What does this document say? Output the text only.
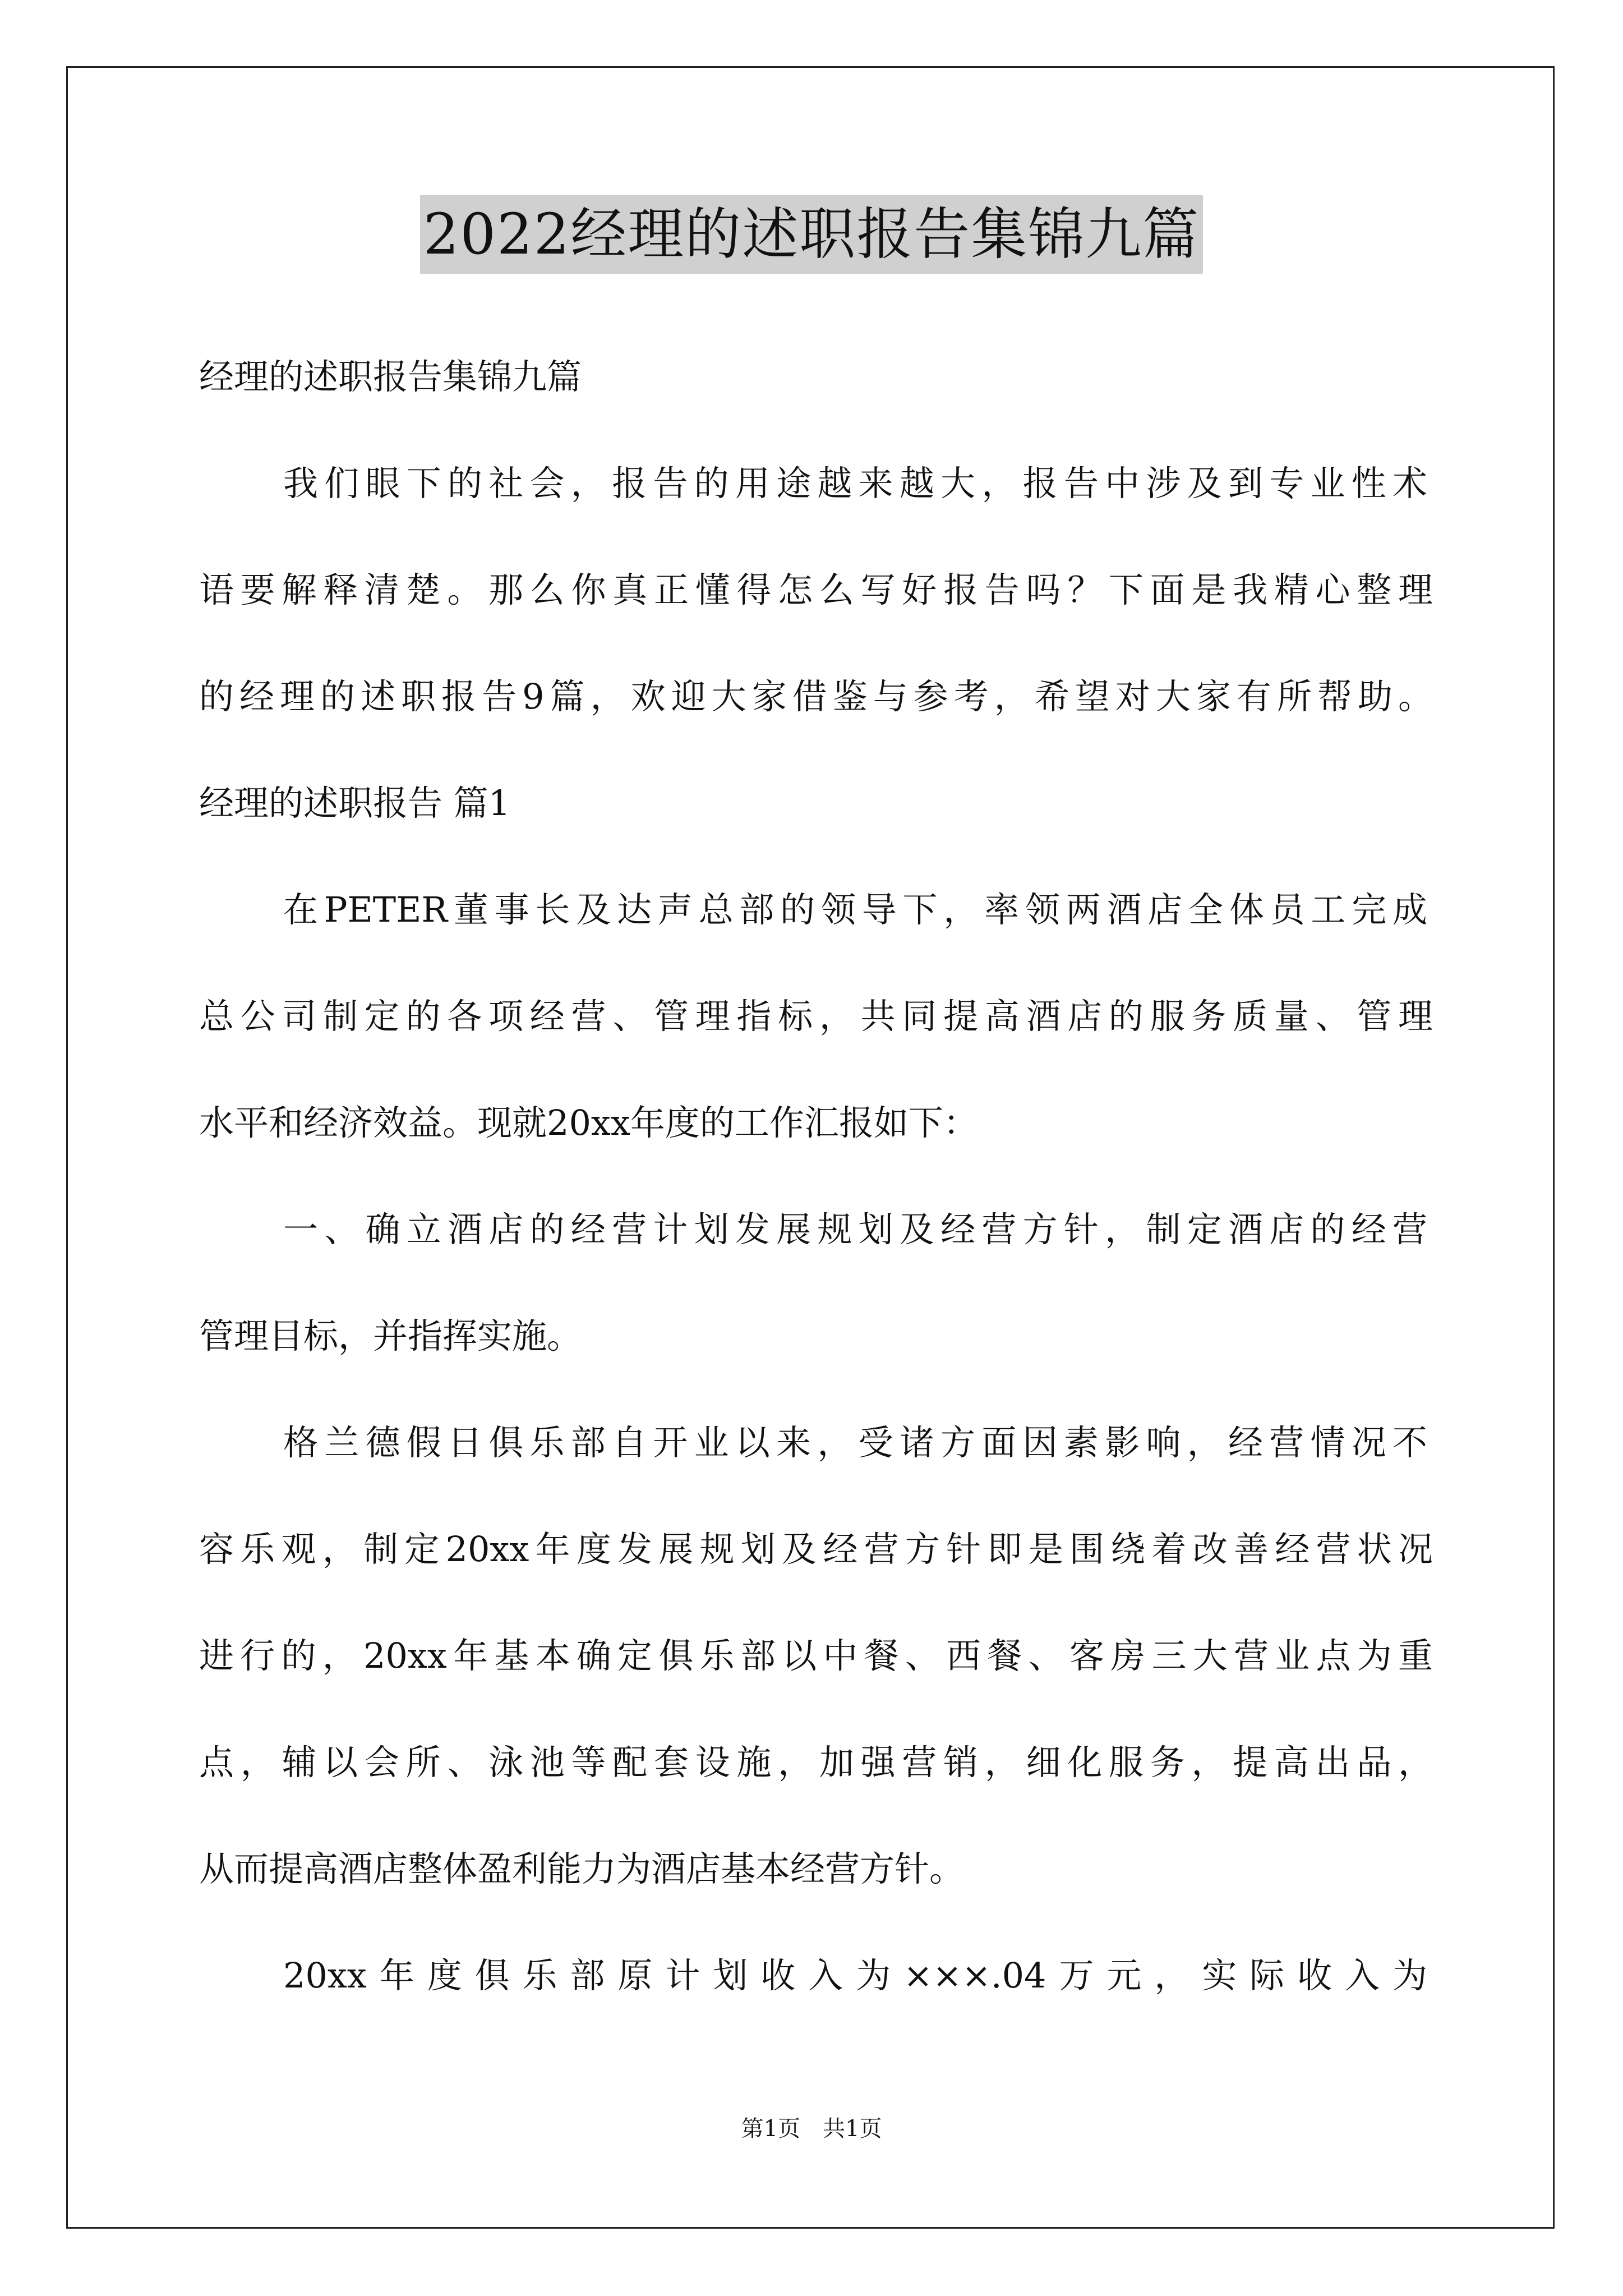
2022经理的述职报告集锦九篇
经理的述职报告集锦九篇
我们眼下的社会，报告的用途越来越大，报告中涉及到专业性术
语要解释清楚。那么你真正懂得怎么写好报告吗？下面是我精心整理
的经理的述职报告9篇，欢迎大家借鉴与参考，希望对大家有所帮助。
经理的述职报告 篇1
在PETER董事长及达声总部的领导下，率领两酒店全体员工完成
总公司制定的各项经营、管理指标，共同提高酒店的服务质量、管理
水平和经济效益。现就20xx年度的工作汇报如下：
一、确立酒店的经营计划发展规划及经营方针，制定酒店的经营
管理目标，并指挥实施。
格兰德假日俱乐部自开业以来，受诸方面因素影响，经营情况不
容乐观，制定20xx年度发展规划及经营方针即是围绕着改善经营状况
进行的，20xx年基本确定俱乐部以中餐、西餐、客房三大营业点为重
点，辅以会所、泳池等配套设施，加强营销，细化服务，提高出品，
从而提高酒店整体盈利能力为酒店基本经营方针。
20xx年度俱乐部原计划收入为×××.04万元，实际收入为
第1页　共1页
